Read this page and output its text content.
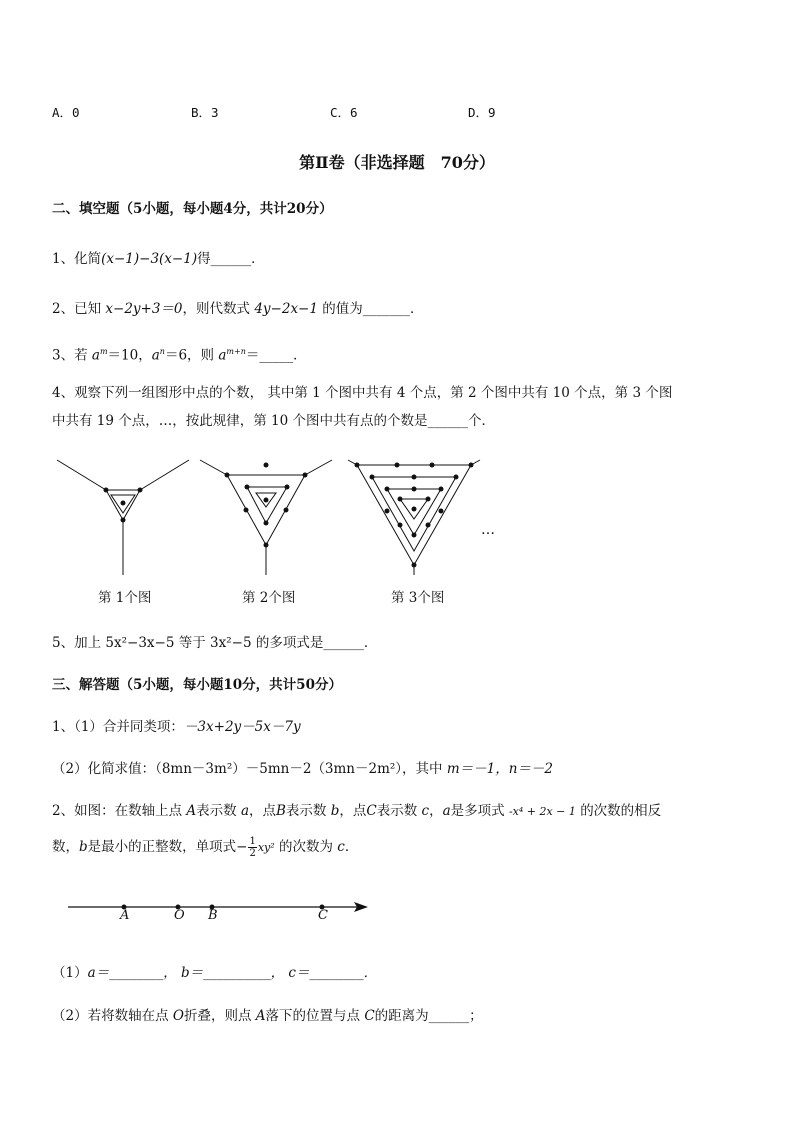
A．0	B．3	C．6	D．9
第Ⅱ卷（非选择题　70分）
二、填空题（5小题，每小题4分，共计20分）
1、化简(x−1)−3(x−1)得______．
2、已知 x−2y+3＝0，则代数式 4y−2x−1 的值为_______．
3、若 $a^m=10$，$a^n=6$，则 $a^{m+n}=\_\_\_\_\_$．
4、观察下列一组图形中点的个数， 其中第 1 个图中共有 4 个点，第 2 个图中共有 10 个点，第 3 个图
中共有 19 个点，…，按此规律，第 10 个图中共有点的个数是______个．
…
第 1个图	第 2个图	第 3个图
5、加上 5x²−3x−5 等于 3x²−5 的多项式是______．
三、解答题（5小题，每小题10分，共计50分）
1、（1）合并同类项：－3x+2y－5x－7y
（2）化简求值：（8mn－3m²）－5mn－2（3mn－2m²），其中 m＝－1，n＝－2
2、如图：在数轴上点 A表示数 a，点B表示数 b，点C表示数 c，a是多项式 -x⁴ + 2x − 1 的次数的相反
数，b是最小的正整数，单项式− $\frac{1}{2} xy^2$ 的次数为 c．
A	O B	C
（1）a＝________， b＝__________， c＝________．
（2）若将数轴在点 O折叠，则点 A落下的位置与点 C的距离为______；
